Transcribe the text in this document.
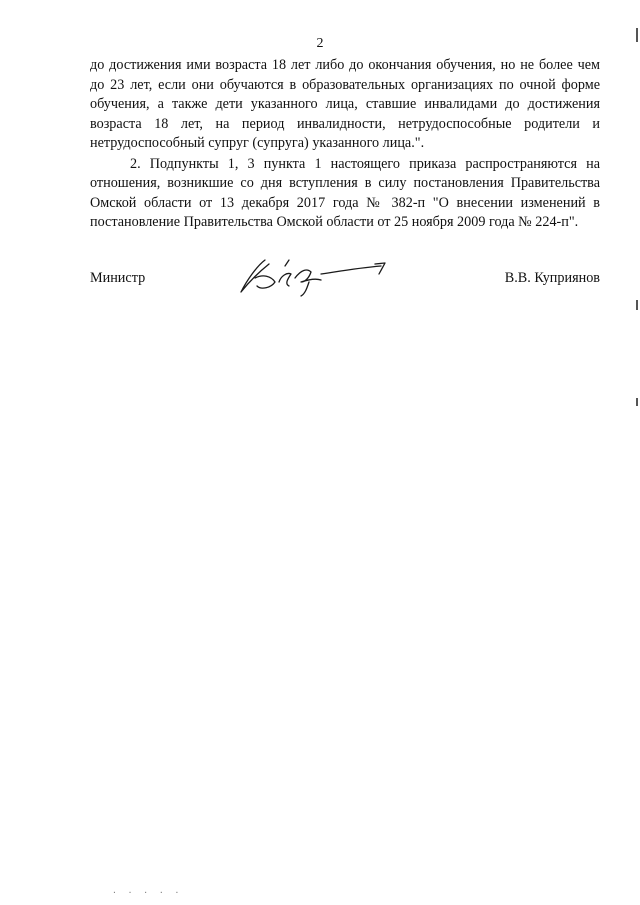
2

до достижения ими возраста 18 лет либо до окончания обучения, но не более чем до 23 лет, если они обучаются в образовательных организациях по очной форме обучения, а также дети указанного лица, ставшие инвалидами до достижения возраста 18 лет, на период инвалидности, нетрудоспособные родители и нетрудоспособный супруг (супруга) указанного лица.".

2. Подпункты 1, 3 пункта 1 настоящего приказа распространяются на отношения, возникшие со дня вступления в силу постановления Правительства Омской области от 13 декабря 2017 года № 382-п "О внесении изменений в постановление Правительства Омской области от 25 ноября 2009 года № 224-п".

Министр	В.В. Куприянов
· · · · ·
